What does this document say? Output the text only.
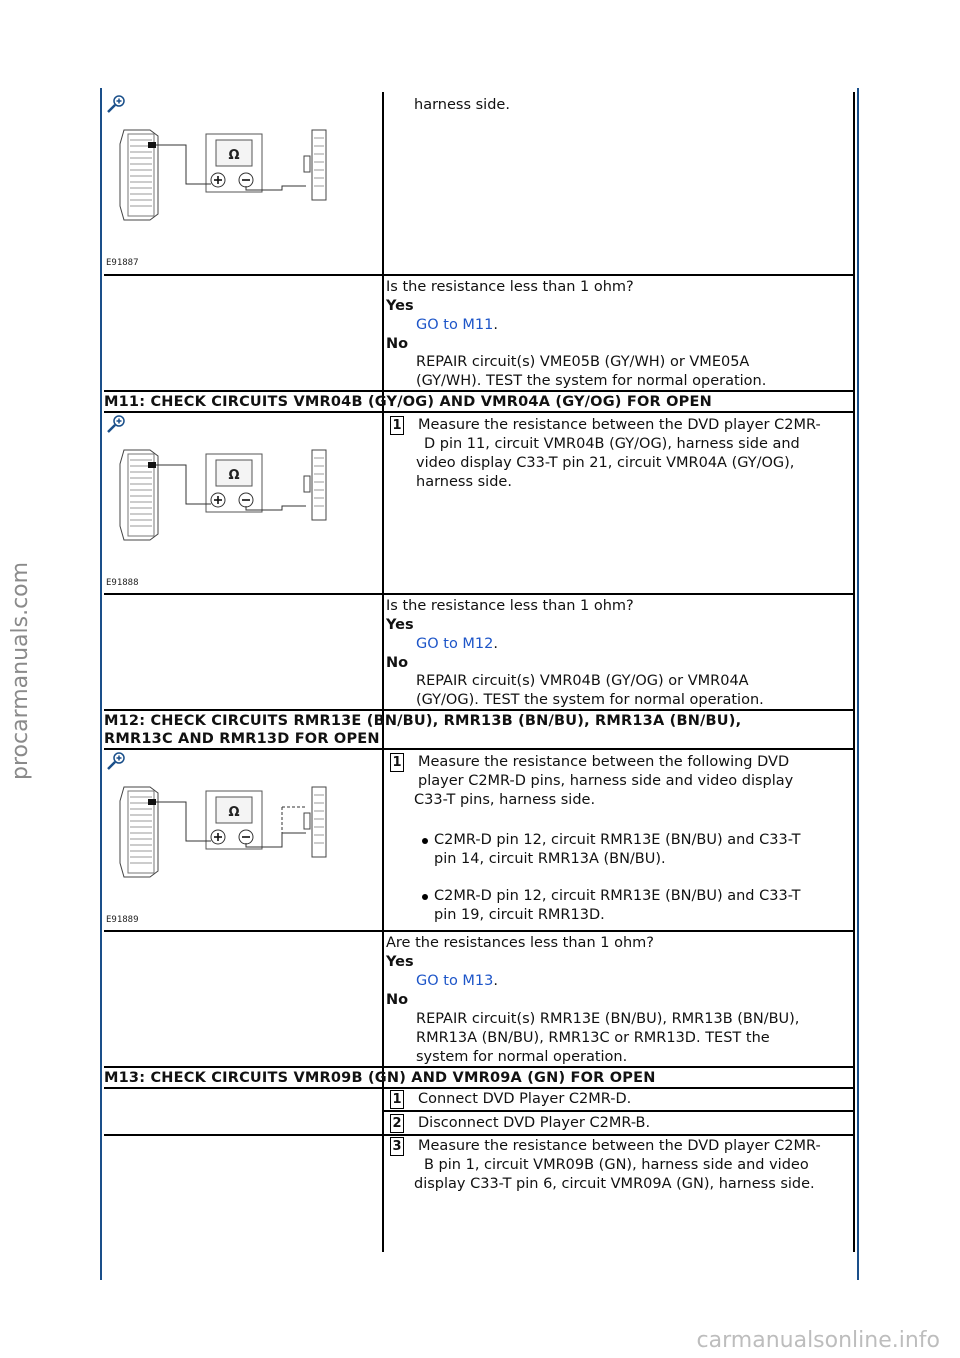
Ω
E91887
harness side.
Is the resistance less than 1 ohm?
Yes
GO to M11.
No
REPAIR circuit(s) VME05B (GY/WH) or VME05A
(GY/WH). TEST the system for normal operation.
M11: CHECK CIRCUITS VMR04B (GY/OG) AND VMR04A (GY/OG) FOR OPEN
Ω
E91888
1 Measure the resistance between the DVD player C2MR-
D pin 11, circuit VMR04B (GY/OG), harness side and
video display C33-T pin 21, circuit VMR04A (GY/OG),
harness side.
Is the resistance less than 1 ohm?
Yes
GO to M12.
No
REPAIR circuit(s) VMR04B (GY/OG) or VMR04A
(GY/OG). TEST the system for normal operation.
M12: CHECK CIRCUITS RMR13E (BN/BU), RMR13B (BN/BU), RMR13A (BN/BU),
RMR13C AND RMR13D FOR OPEN
Ω
E91889
1 Measure the resistance between the following DVD
player C2MR-D pins, harness side and video display
C33-T pins, harness side.
C2MR-D pin 12, circuit RMR13E (BN/BU) and C33-T
pin 14, circuit RMR13A (BN/BU).
C2MR-D pin 12, circuit RMR13E (BN/BU) and C33-T
pin 19, circuit RMR13D.
Are the resistances less than 1 ohm?
Yes
GO to M13.
No
REPAIR circuit(s) RMR13E (BN/BU), RMR13B (BN/BU),
RMR13A (BN/BU), RMR13C or RMR13D. TEST the
system for normal operation.
M13: CHECK CIRCUITS VMR09B (GN) AND VMR09A (GN) FOR OPEN
1 Connect DVD Player C2MR-D.
2 Disconnect DVD Player C2MR-B.
3 Measure the resistance between the DVD player C2MR-
B pin 1, circuit VMR09B (GN), harness side and video
display C33-T pin 6, circuit VMR09A (GN), harness side.
procarmanuals.com
carmanualsonline.info
